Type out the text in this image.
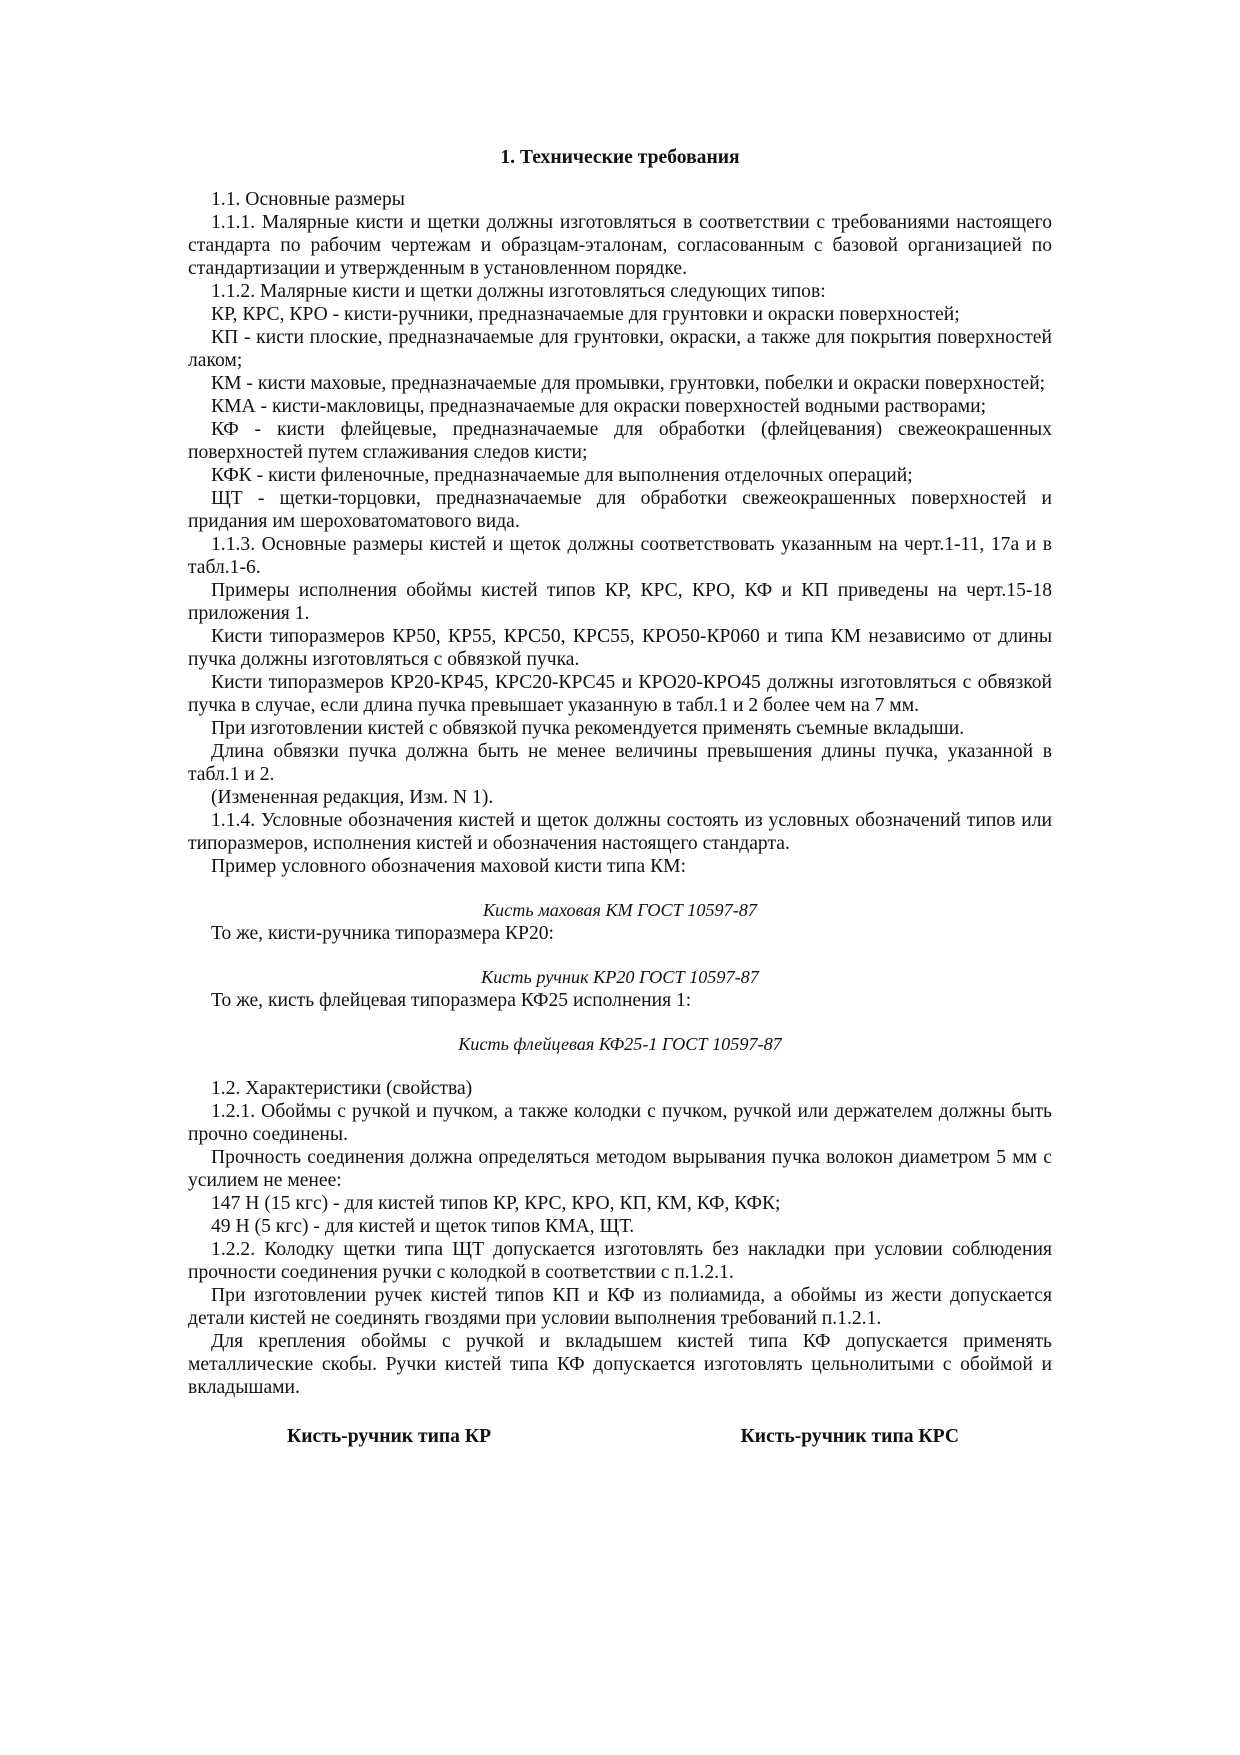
1. Технические требования

1.1. Основные размеры

1.1.1. Малярные кисти и щетки должны изготовляться в соответствии с требованиями настоящего стандарта по рабочим чертежам и образцам-эталонам, согласованным с базовой организацией по стандартизации и утвержденным в установленном порядке.

1.1.2. Малярные кисти и щетки должны изготовляться следующих типов:

КР, КРС, КРО - кисти-ручники, предназначаемые для грунтовки и окраски поверхностей;

КП - кисти плоские, предназначаемые для грунтовки, окраски, а также для покрытия поверхностей лаком;

КМ - кисти маховые, предназначаемые для промывки, грунтовки, побелки и окраски поверхностей;

КМА - кисти-макловицы, предназначаемые для окраски поверхностей водными растворами;

КФ - кисти флейцевые, предназначаемые для обработки (флейцевания) свежеокрашенных поверхностей путем сглаживания следов кисти;

КФК - кисти филеночные, предназначаемые для выполнения отделочных операций;

ЩТ - щетки-торцовки, предназначаемые для обработки свежеокрашенных поверхностей и придания им шероховатоматового вида.

1.1.3. Основные размеры кистей и щеток должны соответствовать указанным на черт.1-11, 17а и в табл.1-6.

Примеры исполнения обоймы кистей типов КР, КРС, КРО, КФ и КП приведены на черт.15-18 приложения 1.

Кисти типоразмеров КР50, КР55, КРС50, КРС55, КРО50-КР060 и типа КМ независимо от длины пучка должны изготовляться с обвязкой пучка.

Кисти типоразмеров КР20-КР45, КРС20-КРС45 и КРО20-КРО45 должны изготовляться с обвязкой пучка в случае, если длина пучка превышает указанную в табл.1 и 2 более чем на 7 мм.

При изготовлении кистей с обвязкой пучка рекомендуется применять съемные вкладыши.

Длина обвязки пучка должна быть не менее величины превышения длины пучка, указанной в табл.1 и 2.

(Измененная редакция, Изм. N 1).

1.1.4. Условные обозначения кистей и щеток должны состоять из условных обозначений типов или типоразмеров, исполнения кистей и обозначения настоящего стандарта.

Пример условного обозначения маховой кисти типа КМ:

Кисть маховая КМ ГОСТ 10597-87

То же, кисти-ручника типоразмера КР20:

Кисть ручник КР20 ГОСТ 10597-87

То же, кисть флейцевая типоразмера КФ25 исполнения 1:

Кисть флейцевая КФ25-1 ГОСТ 10597-87

1.2. Характеристики (свойства)

1.2.1. Обоймы с ручкой и пучком, а также колодки с пучком, ручкой или держателем должны быть прочно соединены.

Прочность соединения должна определяться методом вырывания пучка волокон диаметром 5 мм с усилием не менее:

147 Н (15 кгс) - для кистей типов КР, КРС, КРО, КП, КМ, КФ, КФК;

49 Н (5 кгс) - для кистей и щеток типов КМА, ЩТ.

1.2.2. Колодку щетки типа ЩТ допускается изготовлять без накладки при условии соблюдения прочности соединения ручки с колодкой в соответствии с п.1.2.1.

При изготовлении ручек кистей типов КП и КФ из полиамида, а обоймы из жести допускается детали кистей не соединять гвоздями при условии выполнения требований п.1.2.1.

Для крепления обоймы с ручкой и вкладышем кистей типа КФ допускается применять металлические скобы. Ручки кистей типа КФ допускается изготовлять цельнолитыми с обоймой и вкладышами.

Кисть-ручник типа КР	Кисть-ручник типа КРС
